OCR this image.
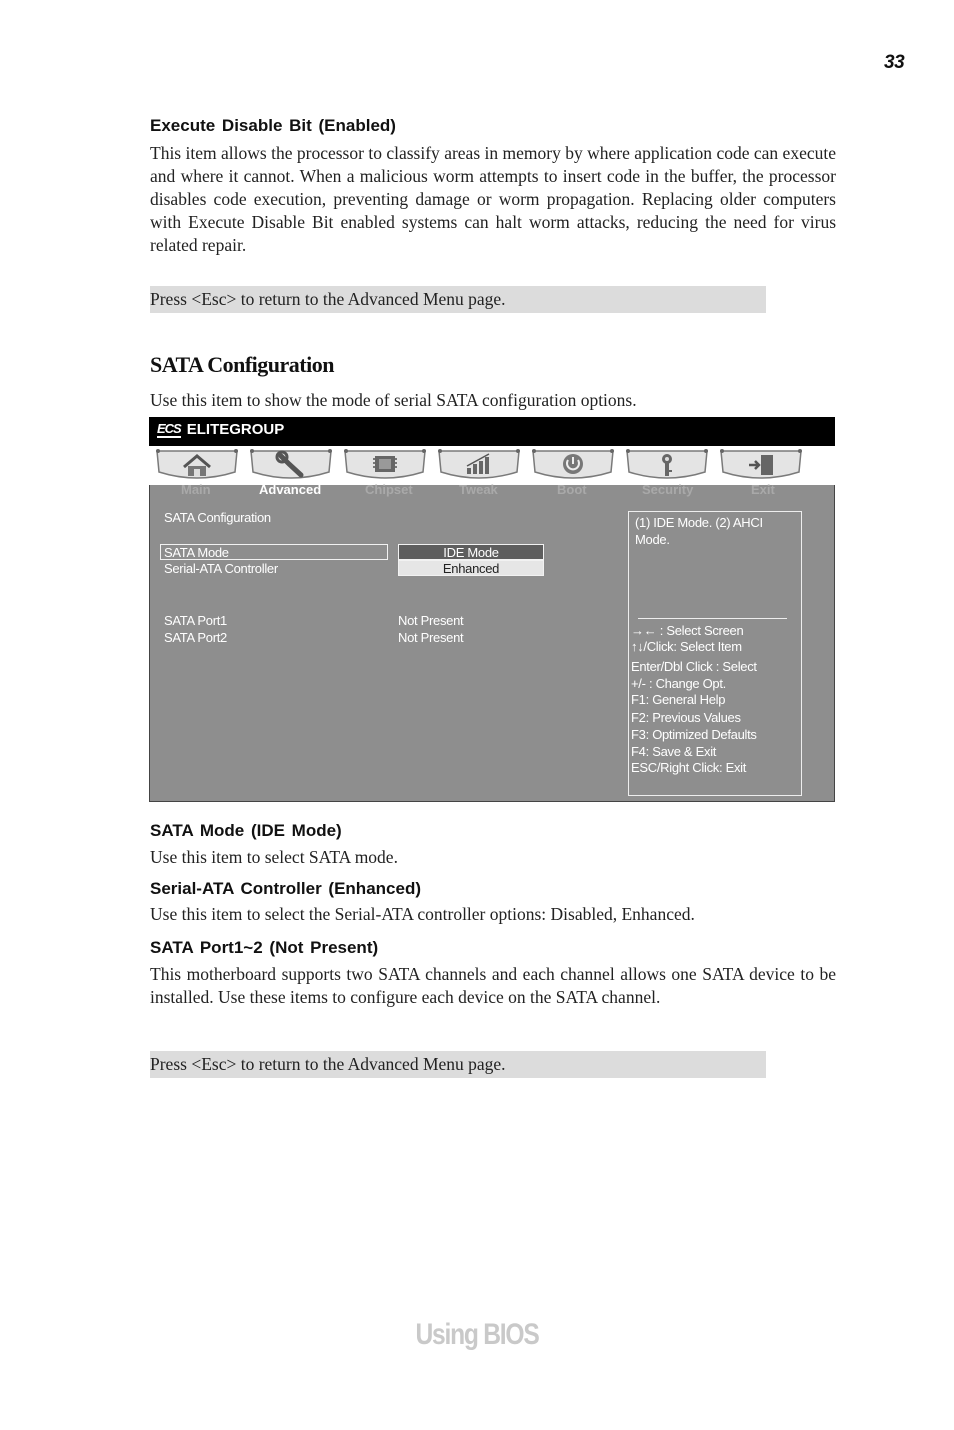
33
Execute Disable Bit (Enabled)
This item allows the processor to classify areas in memory by where application code can execute and where it cannot. When a malicious worm attempts to insert code in the buffer, the processor disables code execution, preventing damage or worm propagation. Replacing older computers with Execute Disable Bit enabled systems can halt worm attacks, reducing the need for virus related repair.
Press <Esc> to return to the Advanced Menu page.
SATA Configuration
Use this item to show the mode of serial SATA configuration options.
ECS ELITEGROUP
Main	Advanced	Chipset	Tweak	Boot	Security	Exit
SATA Configuration
SATA Mode	IDE Mode
Serial-ATA Controller	Enhanced
SATA Port1	Not Present
SATA Port2	Not Present
(1) IDE Mode. (2) AHCI
Mode.
→← : Select Screen
↑↓/Click: Select Item
Enter/Dbl Click : Select
+/- : Change Opt.
F1: General Help
F2: Previous Values
F3: Optimized Defaults
F4: Save & Exit
ESC/Right Click: Exit
SATA Mode (IDE Mode)
Use this item to select SATA mode.
Serial-ATA Controller (Enhanced)
Use this item to select the Serial-ATA controller options: Disabled, Enhanced.
SATA Port1~2 (Not Present)
This motherboard supports two SATA channels and each channel allows one SATA device to be installed. Use these items to configure each device on the SATA channel.
Press <Esc> to return to the Advanced Menu page.
Using BIOS
